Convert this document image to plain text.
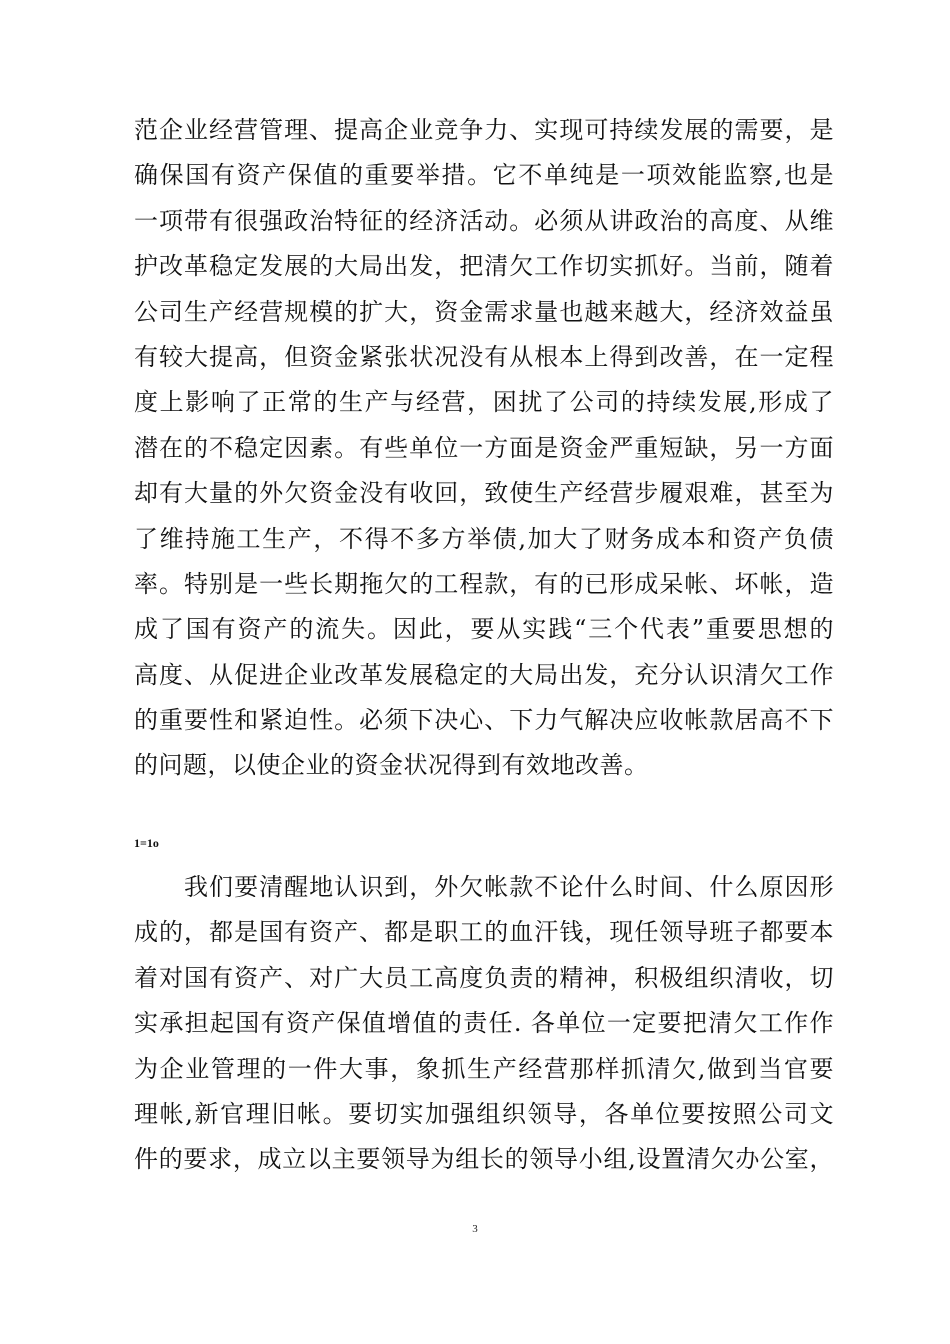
范企业经营管理、提高企业竞争力、实现可持续发展的需要，是
确保国有资产保值的重要举措。它不单纯是一项效能监察,也是
一项带有很强政治特征的经济活动。必须从讲政治的高度、从维
护改革稳定发展的大局出发，把清欠工作切实抓好。当前，随着
公司生产经营规模的扩大，资金需求量也越来越大，经济效益虽
有较大提高，但资金紧张状况没有从根本上得到改善，在一定程
度上影响了正常的生产与经营，困扰了公司的持续发展,形成了
潜在的不稳定因素。有些单位一方面是资金严重短缺，另一方面
却有大量的外欠资金没有收回，致使生产经营步履艰难，甚至为
了维持施工生产，不得不多方举债,加大了财务成本和资产负债
率。特别是一些长期拖欠的工程款，有的已形成呆帐、坏帐，造
成了国有资产的流失。因此，要从实践“三个代表”重要思想的
高度、从促进企业改革发展稳定的大局出发，充分认识清欠工作
的重要性和紧迫性。必须下决心、下力气解决应收帐款居高不下
的问题，以使企业的资金状况得到有效地改善。
1=1o
　　我们要清醒地认识到，外欠帐款不论什么时间、什么原因形
成的，都是国有资产、都是职工的血汗钱，现任领导班子都要本
着对国有资产、对广大员工高度负责的精神，积极组织清收，切
实承担起国有资产保值增值的责任. 各单位一定要把清欠工作作
为企业管理的一件大事，象抓生产经营那样抓清欠,做到当官要
理帐,新官理旧帐。要切实加强组织领导，各单位要按照公司文
件的要求，成立以主要领导为组长的领导小组,设置清欠办公室，
3
